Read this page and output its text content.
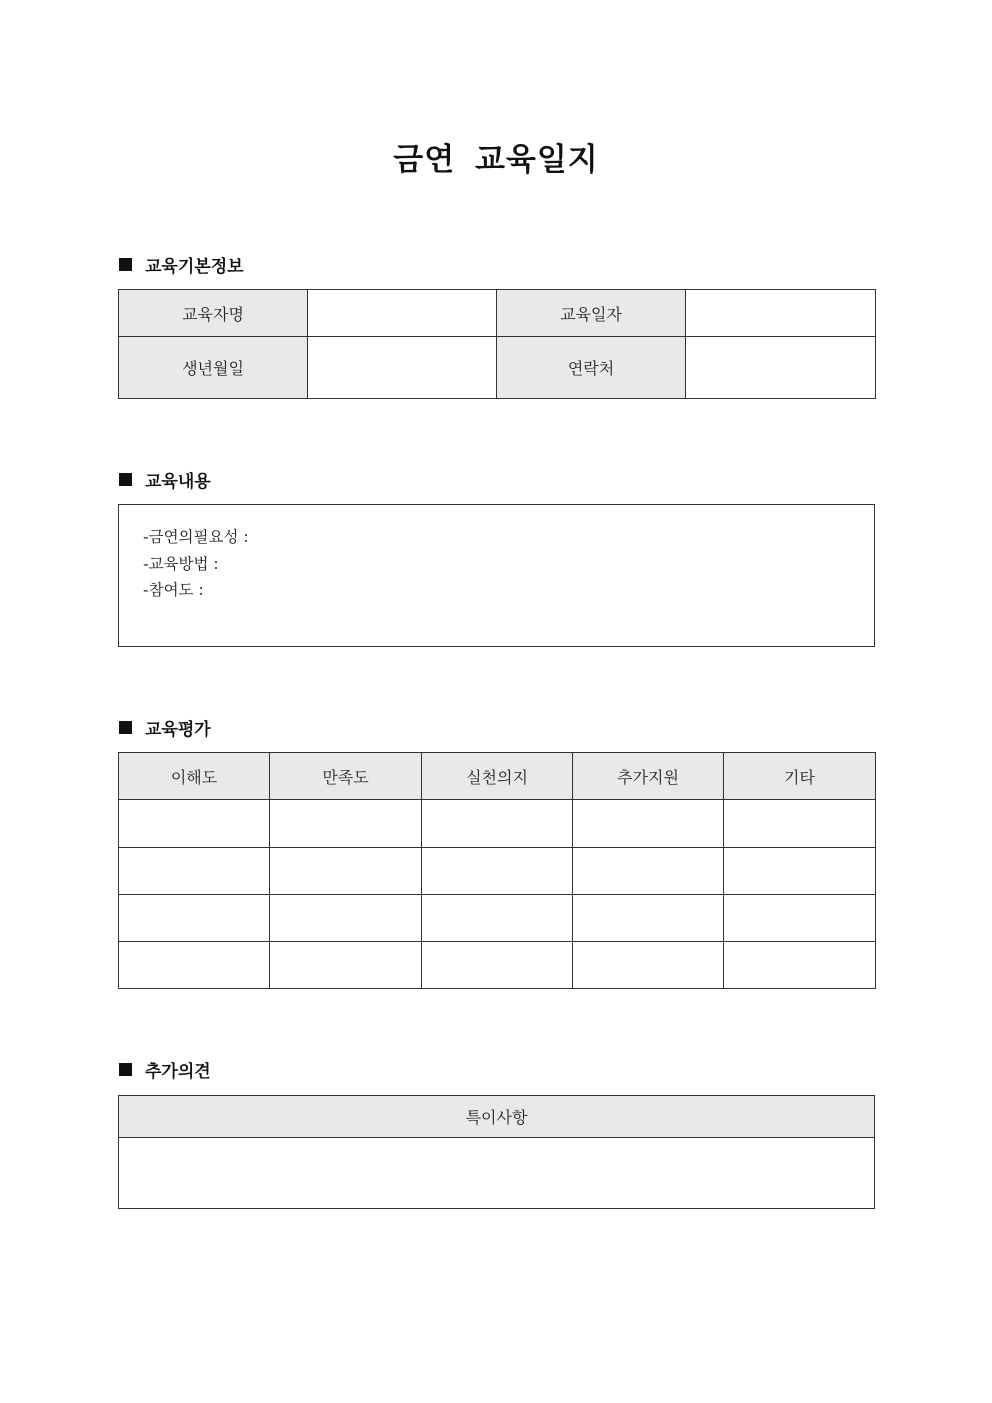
금연 교육일지
교육기본정보
교육자명		교육일자	
생년월일		연락처	
교육내용
-금연의필요성 :
-교육방법 :
-참여도 :
교육평가
이해도	만족도	실천의지	추가지원	기타

추가의견
특이사항
